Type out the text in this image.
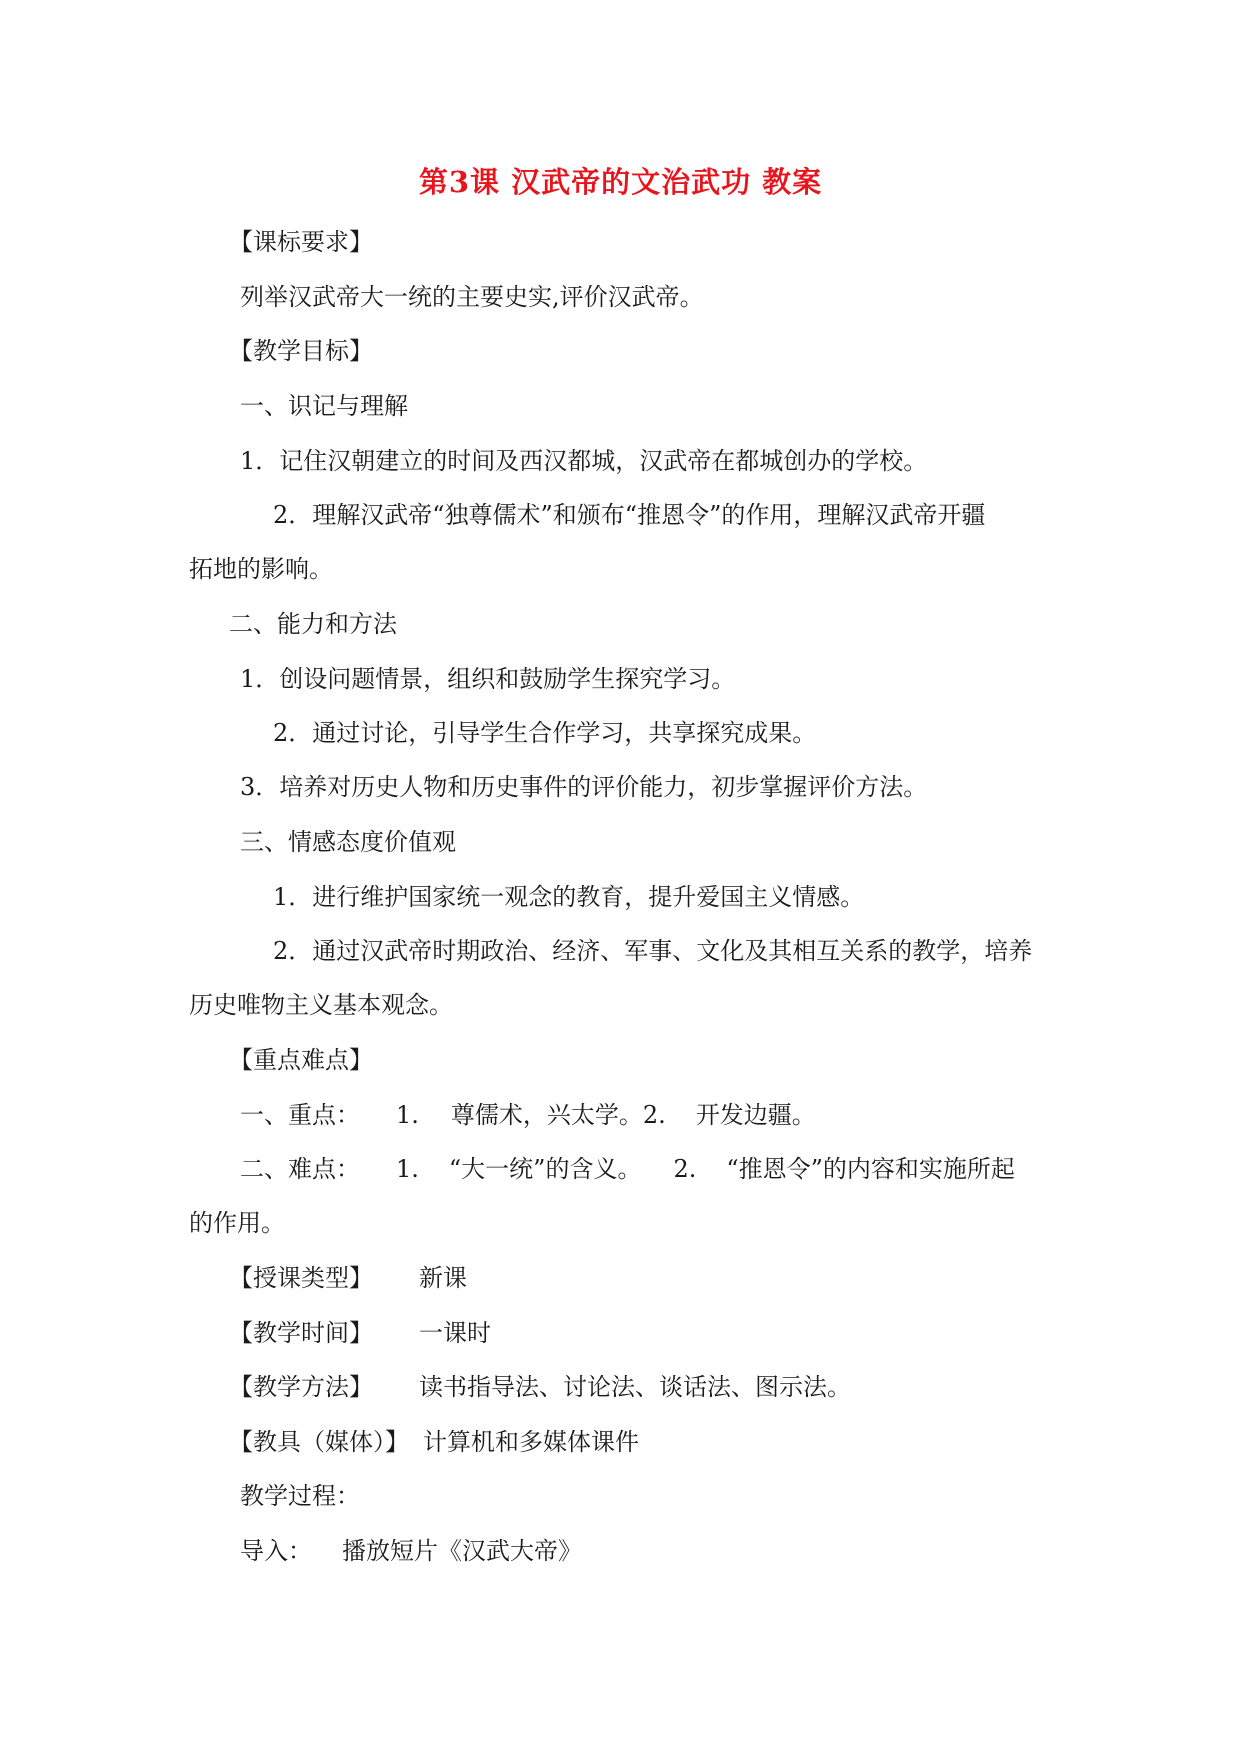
第3课 汉武帝的文治武功 教案
【课标要求】
列举汉武帝大一统的主要史实,评价汉武帝。
【教学目标】
一、识记与理解
1．记住汉朝建立的时间及西汉都城，汉武帝在都城创办的学校。
2．理解汉武帝“独尊儒术”和颁布“推恩令”的作用，理解汉武帝开疆
拓地的影响。
二、能力和方法
1．创设问题情景，组织和鼓励学生探究学习。
2．通过讨论，引导学生合作学习，共享探究成果。
3．培养对历史人物和历史事件的评价能力，初步掌握评价方法。
三、情感态度价值观
1．进行维护国家统一观念的教育，提升爱国主义情感。
2．通过汉武帝时期政治、经济、军事、文化及其相互关系的教学，培养
历史唯物主义基本观念。
【重点难点】
一、重点： 1. 尊儒术，兴太学。2. 开发边疆。
二、难点： 1. “大一统”的含义。 2. “推恩令”的内容和实施所起
的作用。
【授课类型】 新课
【教学时间】 一课时
【教学方法】 读书指导法、讨论法、谈话法、图示法。
【教具（媒体）】 计算机和多媒体课件
教学过程：
导入： 播放短片《汉武大帝》
